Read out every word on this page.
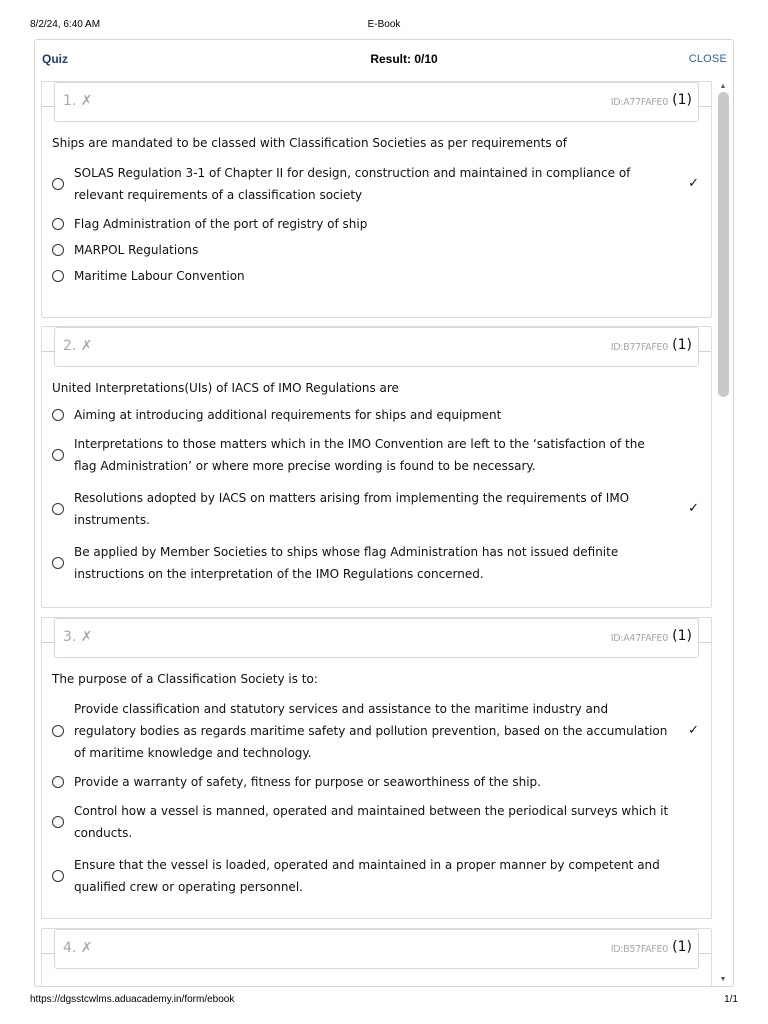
8/2/24, 6:40 AM	E-Book
Quiz	Result: 0/10	CLOSE
1. ✗	ID:A77FAFE0 (1)
Ships are mandated to be classed with Classification Societies as per requirements of
SOLAS Regulation 3-1 of Chapter II for design, construction and maintained in compliance of relevant requirements of a classification society
✓
Flag Administration of the port of registry of ship
MARPOL Regulations
Maritime Labour Convention
2. ✗	ID:B77FAFE0 (1)
United Interpretations(UIs) of IACS of IMO Regulations are
Aiming at introducing additional requirements for ships and equipment
Interpretations to those matters which in the IMO Convention are left to the ‘satisfaction of the flag Administration’ or where more precise wording is found to be necessary.
Resolutions adopted by IACS on matters arising from implementing the requirements of IMO instruments.
✓
Be applied by Member Societies to ships whose flag Administration has not issued definite instructions on the interpretation of the IMO Regulations concerned.
3. ✗	ID:A47FAFE0 (1)
The purpose of a Classification Society is to:
Provide classification and statutory services and assistance to the maritime industry and regulatory bodies as regards maritime safety and pollution prevention, based on the accumulation of maritime knowledge and technology.
✓
Provide a warranty of safety, fitness for purpose or seaworthiness of the ship.
Control how a vessel is manned, operated and maintained between the periodical surveys which it conducts.
Ensure that the vessel is loaded, operated and maintained in a proper manner by competent and qualified crew or operating personnel.
4. ✗	ID:B57FAFE0 (1)
▲
▼
https://dgsstcwlms.aduacademy.in/form/ebook	1/1
